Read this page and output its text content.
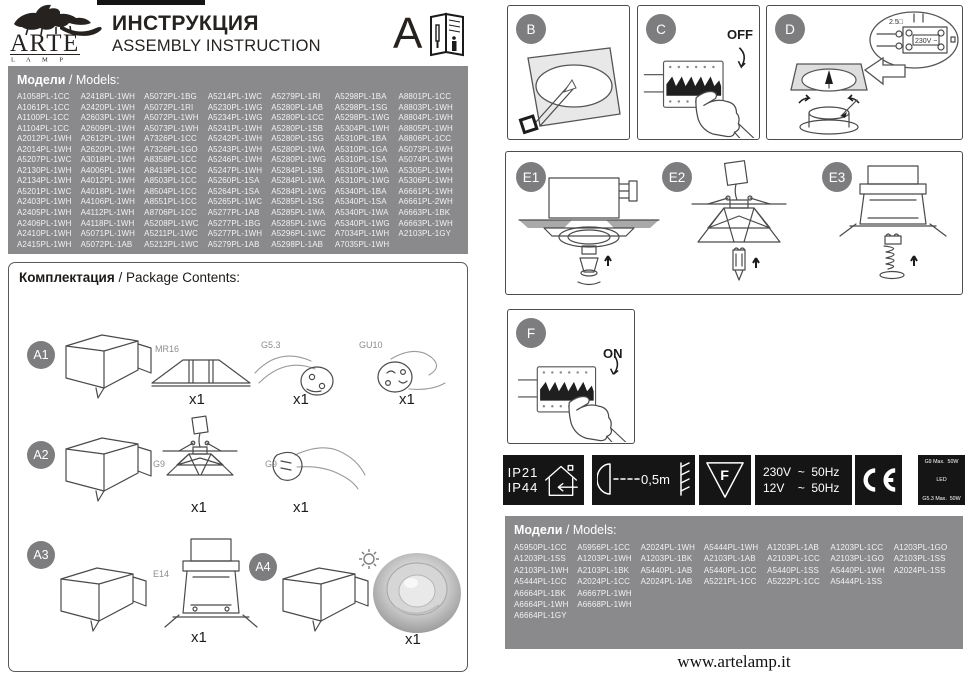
ARTE
L A M P
ИНСТРУКЦИЯ
ASSEMBLY INSTRUCTION A
Модели / Models:
A1058PL-1CC	A2418PL-1WH	A5072PL-1BG	A5214PL-1WC	A5279PL-1RI	A5298PL-1BA	A8801PL-1CC
A1061PL-1CC	A2420PL-1WH	A5072PL-1RI	A5230PL-1WG	A5280PL-1AB	A5298PL-1SG	A8803PL-1WH
A1100PL-1CC	A2603PL-1WH	A5072PL-1WH	A5234PL-1WG	A5280PL-1CC	A5298PL-1WG	A8804PL-1WH
A1104PL-1CC	A2609PL-1WH	A5073PL-1WH	A5241PL-1WH	A5280PL-1SB	A5304PL-1WH	A8805PL-1WH
A2012PL-1WH	A2612PL-1WH	A7326PL-1CC	A5242PL-1WH	A5280PL-1SG	A5310PL-1BA	A8806PL-1CC
A2014PL-1WH	A2620PL-1WH	A7326PL-1GO	A5243PL-1WH	A5280PL-1WA	A5310PL-1GA	A5073PL-1WH
A5207PL-1WC	A3018PL-1WH	A8358PL-1CC	A5246PL-1WH	A5280PL-1WG	A5310PL-1SA	A5074PL-1WH
A2130PL-1WH	A4006PL-1WH	A8419PL-1CC	A5247PL-1WH	A5284PL-1SB	A5310PL-1WA	A5305PL-1WH
A2134PL-1WH	A4012PL-1WH	A8503PL-1CC	A5260PL-1SA	A5284PL-1WA	A5310PL-1WG	A5306PL-1WH
A5201PL-1WC	A4018PL-1WH	A8504PL-1CC	A5264PL-1SA	A5284PL-1WG	A5340PL-1BA	A6661PL-1WH
A2403PL-1WH	A4106PL-1WH	A8551PL-1CC	A5265PL-1WC	A5285PL-1SG	A5340PL-1SA	A6661PL-2WH
A2405PL-1WH	A4112PL-1WH	A8706PL-1CC	A5277PL-1AB	A5285PL-1WA	A5340PL-1WA	A6663PL-1BK
A2406PL-1WH	A4118PL-1WH	A5208PL-1WC	A5277PL-1BG	A5285PL-1WG	A5340PL-1WG	A6663PL-1WH
A2410PL-1WH	A5071PL-1WH	A5211PL-1WC	A5277PL-1WH	A5296PL-1WC	A7034PL-1WH	A2103PL-1GY
A2415PL-1WH	A5072PL-1AB	A5212PL-1WC	A5279PL-1AB	A5298PL-1AB	A7035PL-1WH
Комплектация / Package Contents:
A1	MR16
x1
G5.3
x1
GU10
x1
A2
G9
x1
G9
x1
A3
E14
x1
A4
x1
B	C	OFF	D	2.5□
230V ~
E1	E2	E3
F
ON
IP21
IP44
0,5m	F	230V  ~  50Hz
12V    ~  50Hz

G9 Max.  50W

LED

G5.3 Max.  50W

Модели / Models:
A5950PL-1CC	A5956PL-1CC	A2024PL-1WH	A5444PL-1WH	A1203PL-1AB	A1203PL-1CC	A1203PL-1GO
A1203PL-1SS	A1203PL-1WH	A1203PL-1BK	A2103PL-1AB	A2103PL-1CC	A2103PL-1GO	A2103PL-1SS
A2103PL-1WH	A2103PL-1BK	A5440PL-1AB	A5440PL-1CC	A5440PL-1SS	A5440PL-1WH	A2024PL-1SS
A5444PL-1CC	A2024PL-1CC	A2024PL-1AB	A5221PL-1CC	A5222PL-1CC	A5444PL-1SS
A6664PL-1BK	A6667PL-1WH
A6664PL-1WH	A6668PL-1WH
A6664PL-1GY
www.artelamp.it
